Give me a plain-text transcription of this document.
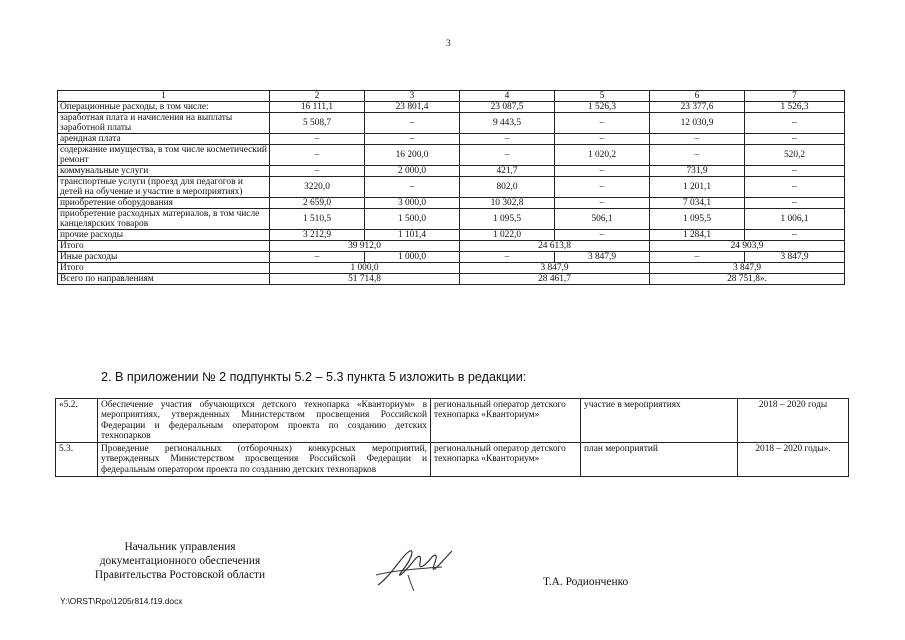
3
1	2	3	4	5	6	7
Операционные расходы, в том числе:	16 111,1	23 801,4	23 087,5	1 526,3	23 377,6	1 526,3
заработная плата и начисления на выплаты заработной платы	5 508,7	–	9 443,5	–	12 030,9	–
арендная плата	–	–	–	–	–	–
содержание имущества, в том числе косметический ремонт	–	16 200,0	–	1 020,2	–	520,2
коммунальные услуги	–	2 000,0	421,7	–	731,9	–
транспортные услуги (проезд для педагогов и детей на обучение и участие в мероприятиях)	3220,0	–	802,0	–	1 201,1	–
приобретение оборудования	2 659,0	3 000,0	10 302,8	–	7 034,1	–
приобретение расходных материалов, в том числе канцелярских товаров	1 510,5	1 500,0	1 095,5	506,1	1 095,5	1 006,1
прочие расходы	3 212,9	1 101,4	1 022,0	–	1 284,1	–
Итого	39 912,0		24 613,8		24 903,9	
Иные расходы	–	1 000,0	–	3 847,9	–	3 847,9
Итого	1 000,0		3 847,9		3 847,9	
Всего по направлениям	51 714,8		28 461,7		28 751,8».	
2. В приложении № 2 подпункты 5.2 – 5.3 пункта 5 изложить в редакции:
«5.2.	Обеспечение участия обучающихся детского технопарка «Кванториум» в мероприятиях, утвержденных Министерством просвещения Российской Федерации и федеральным оператором проекта по созданию детских технопарков	региональный оператор детского технопарка «Кванториум»	участие в мероприятиях	2018 – 2020 годы
5.3.	Проведение региональных (отборочных) конкурсных мероприятий, утвержденных Министерством просвещения Российской Федерации и федеральным оператором проекта по созданию детских технопарков	региональный оператор детского технопарка «Кванториум»	план мероприятий	2018 – 2020 годы».
Начальник управления
документационного обеспечения
Правительства Ростовской области
Т.А. Родионченко
Y:\ORST\Rpo\1205r814.f19.docx
